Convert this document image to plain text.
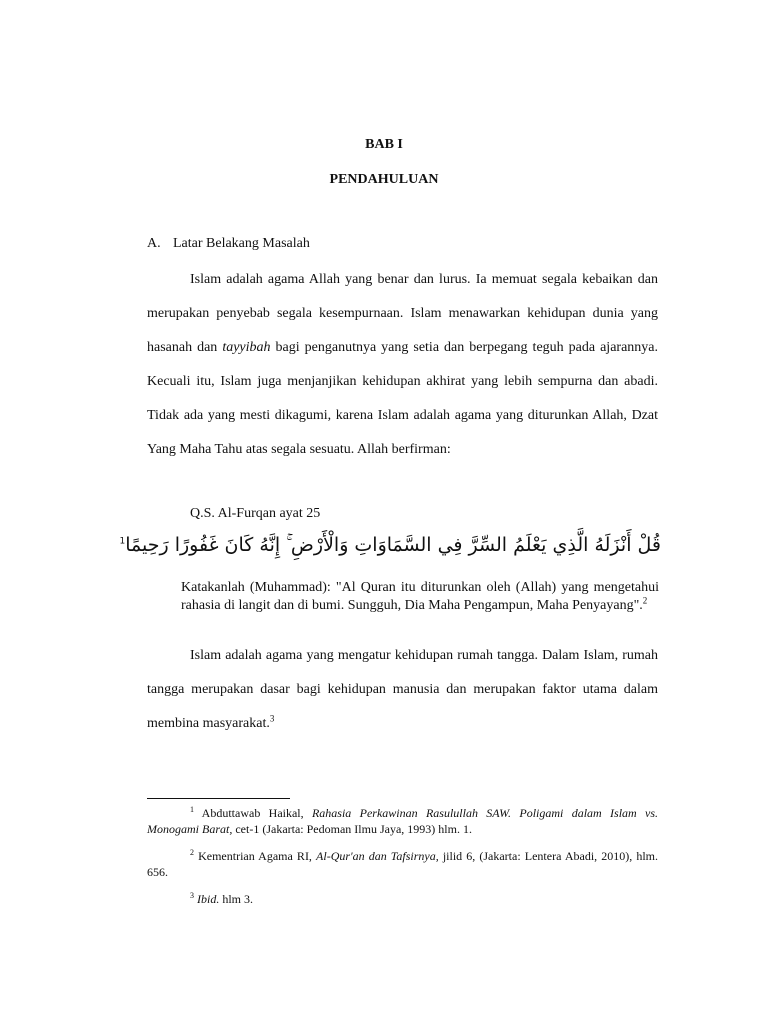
BAB I
PENDAHULUAN
A. Latar Belakang Masalah
Islam adalah agama Allah yang benar dan lurus. Ia memuat segala kebaikan dan merupakan penyebab segala kesempurnaan. Islam menawarkan kehidupan dunia yang hasanah dan tayyibah bagi penganutnya yang setia dan berpegang teguh pada ajarannya. Kecuali itu, Islam juga menjanjikan kehidupan akhirat yang lebih sempurna dan abadi. Tidak ada yang mesti dikagumi, karena Islam adalah agama yang diturunkan Allah, Dzat Yang Maha Tahu atas segala sesuatu. Allah berfirman:
Q.S. Al-Furqan ayat 25
قُلْ أَنْزَلَهُ الَّذِي يَعْلَمُ السِّرَّ فِي السَّمَاوَاتِ وَالْأَرْضِ ۚ إِنَّهُ كَانَ غَفُورًا رَحِيمًا$^1$
Katakanlah (Muhammad): "Al Quran itu diturunkan oleh (Allah) yang mengetahui rahasia di langit dan di bumi. Sungguh, Dia Maha Pengampun, Maha Penyayang".$^2$
Islam adalah agama yang mengatur kehidupan rumah tangga. Dalam Islam, rumah tangga merupakan dasar bagi kehidupan manusia dan merupakan faktor utama dalam membina masyarakat.$^3$
$^1$ Abduttawab Haikal, Rahasia Perkawinan Rasulullah SAW. Poligami dalam Islam vs. Monogami Barat, cet-1 (Jakarta: Pedoman Ilmu Jaya, 1993) hlm. 1.
$^2$ Kementrian Agama RI, Al-Qur'an dan Tafsirnya, jilid 6, (Jakarta: Lentera Abadi, 2010), hlm. 656.
$^3$ Ibid. hlm 3.
